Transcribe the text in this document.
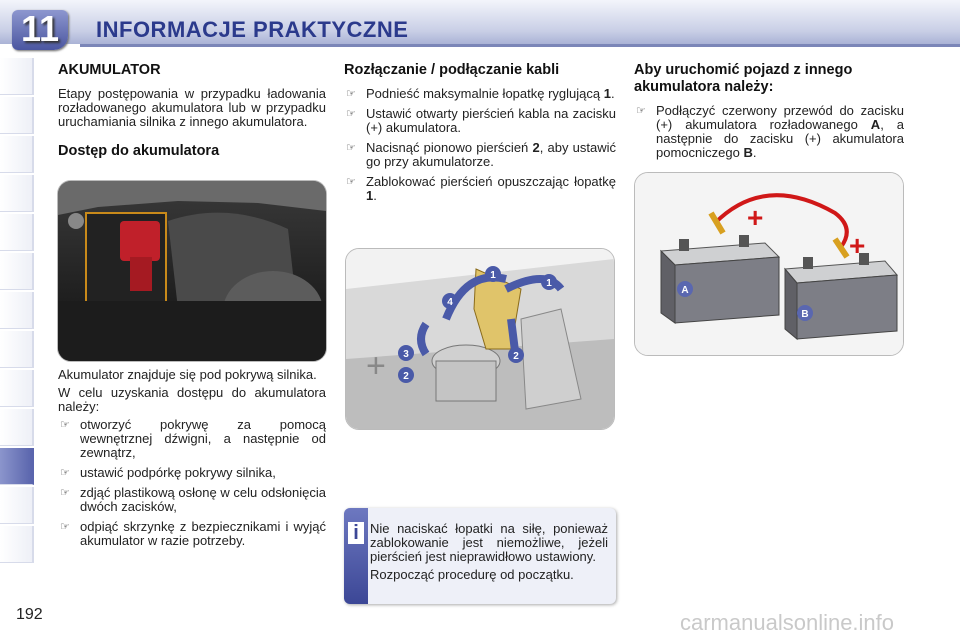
11	INFORMACJE PRAKTYCZNE
AKUMULATOR

Etapy postępowania w przypadku ładowania rozładowanego akumulatora lub w przypadku uruchamiania silnika z innego akumulatora.

Dostęp do akumulatora

Akumulator znajduje się pod pokrywą silnika.

W celu uzyskania dostępu do akumulatora należy:

☞ otworzyć pokrywę za pomocą wewnętrznej dźwigni, a następnie od zewnątrz,
☞ ustawić podpórkę pokrywy silnika,
☞ zdjąć plastikową osłonę w celu odsłonięcia dwóch zacisków,
☞ odpiąć skrzynkę z bezpiecznikami i wyjąć akumulator w razie potrzeby.
Rozłączanie / podłączanie kabli
☞ Podnieść maksymalnie łopatkę ryglującą 1.
☞ Ustawić otwarty pierścień kabla na zacisku (+) akumulatora.
☞ Nacisnąć pionowo pierścień 2, aby ustawić go przy akumulatorze.
☞ Zablokować pierścień opuszczając łopatkę 1.
+
1
1
2
2
3
4
i Nie naciskać łopatki na siłę, ponieważ zablokowanie jest niemożliwe, jeżeli pierścień jest nieprawidłowo ustawiony.

Rozpocząć procedurę od początku.

Aby uruchomić pojazd z innego akumulatora należy:
☞ Podłączyć czerwony przewód do zacisku (+) akumulatora rozładowanego A, a następnie do zacisku (+) akumulatora pomocniczego B.
A
B
+
+
192	carmanualsonline.info
